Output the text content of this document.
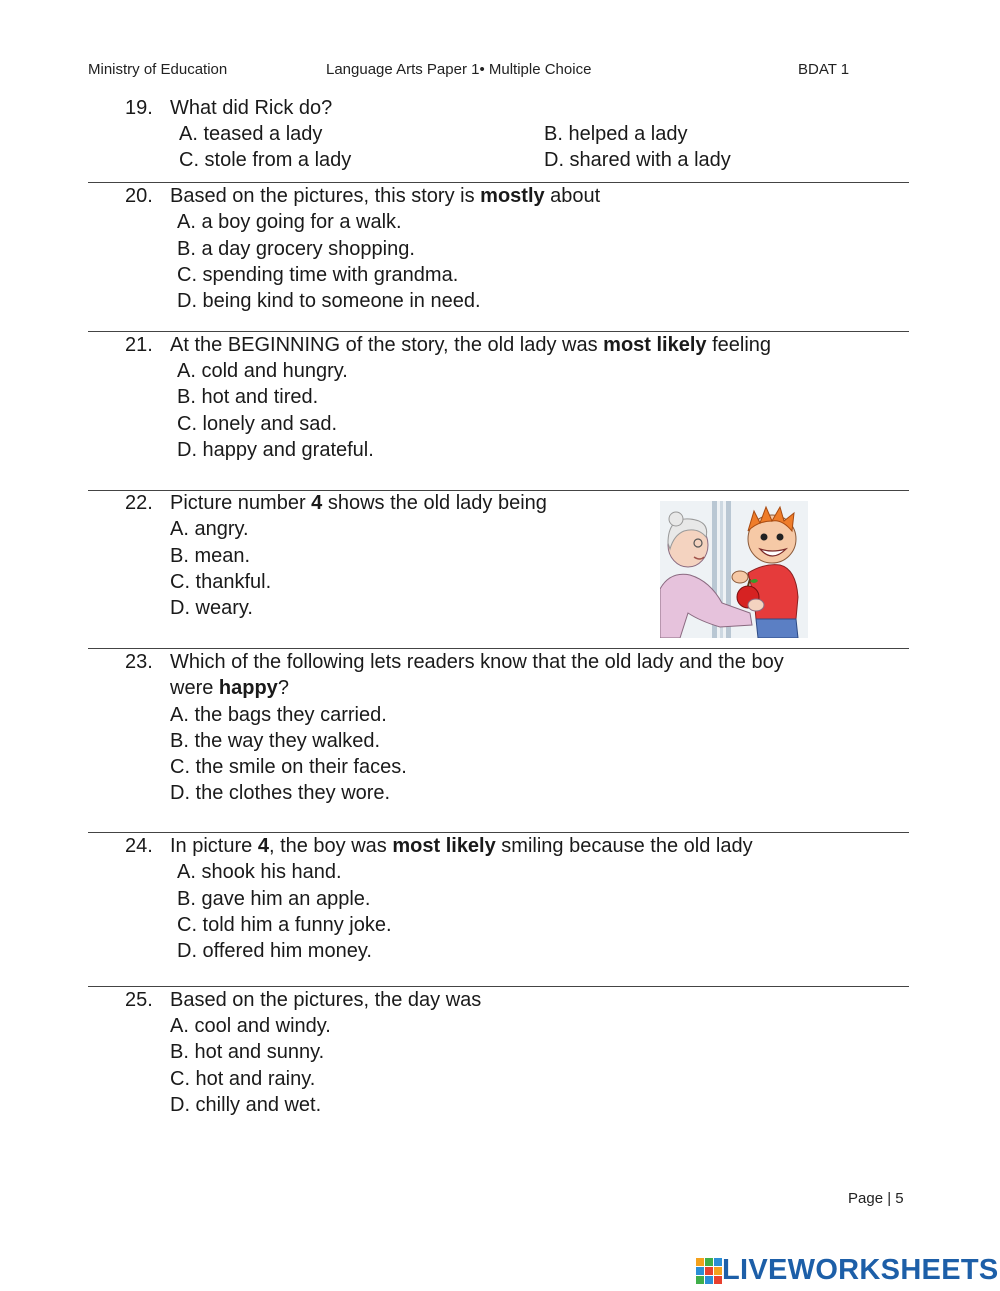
Ministry of Education	Language Arts Paper 1• Multiple Choice	BDAT 1
19. What did Rick do?
A. teased a lady	B. helped a lady
C. stole from a lady	D. shared with a lady
20. Based on the pictures, this story is mostly about
A. a boy going for a walk.
B. a day grocery shopping.
C. spending time with grandma.
D. being kind to someone in need.
21. At the BEGINNING of the story, the old lady was most likely feeling
A. cold and hungry.
B. hot and tired.
C. lonely and sad.
D. happy and grateful.
22. Picture number 4 shows the old lady being
A. angry.
B. mean.
C. thankful.
D. weary.
23. Which of the following lets readers know that the old lady and the boy
were happy?
A. the bags they carried.
B. the way they walked.
C. the smile on their faces.
D. the clothes they wore.
24. In picture 4, the boy was most likely smiling because the old lady
A. shook his hand.
B. gave him an apple.
C. told him a funny joke.
D. offered him money.
25. Based on the pictures, the day was
A. cool and windy.
B. hot and sunny.
C. hot and rainy.
D. chilly and wet.
Page | 5
LIVEWORKSHEETS
